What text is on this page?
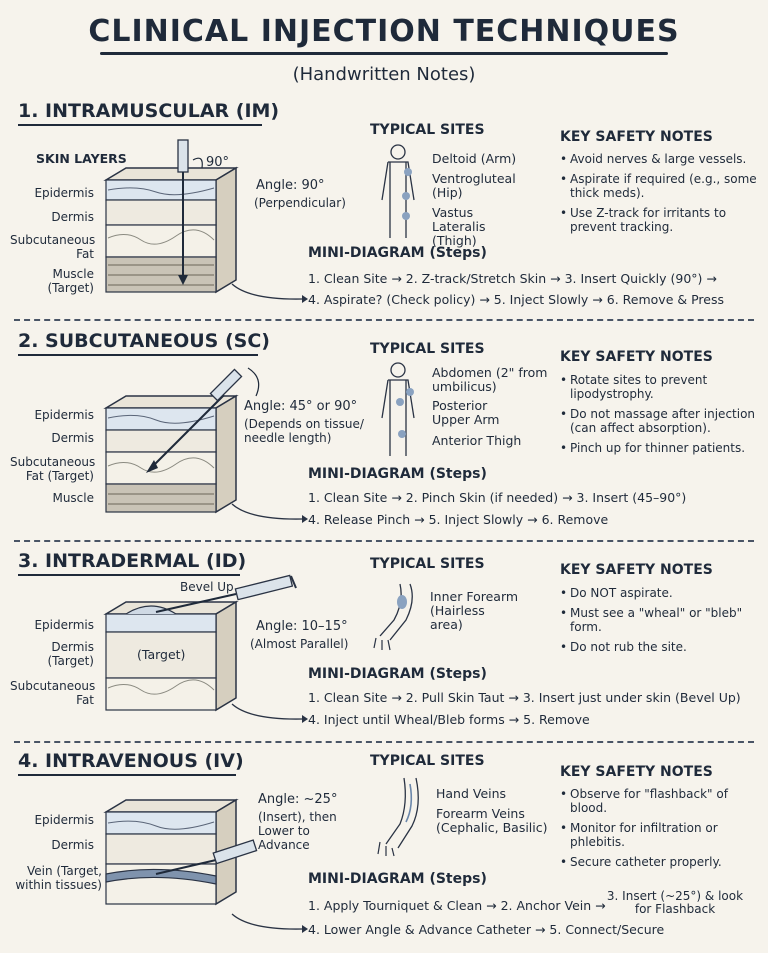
CLINICAL INJECTION TECHNIQUES
(Handwritten Notes)
1. INTRAMUSCULAR (IM)
SKIN LAYERS
Epidermis
Dermis
Subcutaneous Fat
Muscle (Target)
90°
Angle: 90°
(Perpendicular)
TYPICAL SITES
Deltoid (Arm)
Ventrogluteal (Hip)
Vastus Lateralis (Thigh)
KEY SAFETY NOTES
• Avoid nerves & large vessels.
• Aspirate if required (e.g., some thick meds).
• Use Z-track for irritants to prevent tracking.
MINI-DIAGRAM (Steps)
1. Clean Site → 2. Z-track/Stretch Skin → 3. Insert Quickly (90°) →
4. Aspirate? (Check policy) → 5. Inject Slowly → 6. Remove & Press
2. SUBCUTANEOUS (SC)
Epidermis
Dermis
Subcutaneous Fat (Target)
Muscle
Angle: 45° or 90°
(Depends on tissue/ needle length)
TYPICAL SITES
Abdomen (2" from umbilicus)
Posterior Upper Arm
Anterior Thigh
KEY SAFETY NOTES
• Rotate sites to prevent lipodystrophy.
• Do not massage after injection (can affect absorption).
• Pinch up for thinner patients.
MINI-DIAGRAM (Steps)
1. Clean Site → 2. Pinch Skin (if needed) → 3. Insert (45–90°)
4. Release Pinch → 5. Inject Slowly → 6. Remove
3. INTRADERMAL (ID)
Bevel Up
Epidermis
Dermis (Target)
Subcutaneous Fat
(Target)
Angle: 10–15°
(Almost Parallel)
TYPICAL SITES
Inner Forearm (Hairless area)
KEY SAFETY NOTES
• Do NOT aspirate.
• Must see a "wheal" or "bleb" form.
• Do not rub the site.
MINI-DIAGRAM (Steps)
1. Clean Site → 2. Pull Skin Taut → 3. Insert just under skin (Bevel Up)
4. Inject until Wheal/Bleb forms → 5. Remove
4. INTRAVENOUS (IV)
Epidermis
Dermis
Vein (Target, within tissues)
Angle: ~25°
(Insert), then Lower to Advance
TYPICAL SITES
Hand Veins
Forearm Veins (Cephalic, Basilic)
KEY SAFETY NOTES
• Observe for "flashback" of blood.
• Monitor for infiltration or phlebitis.
• Secure catheter properly.
MINI-DIAGRAM (Steps)
1. Apply Tourniquet & Clean → 2. Anchor Vein →
3. Insert (~25°) & look for Flashback
4. Lower Angle & Advance Catheter → 5. Connect/Secure
